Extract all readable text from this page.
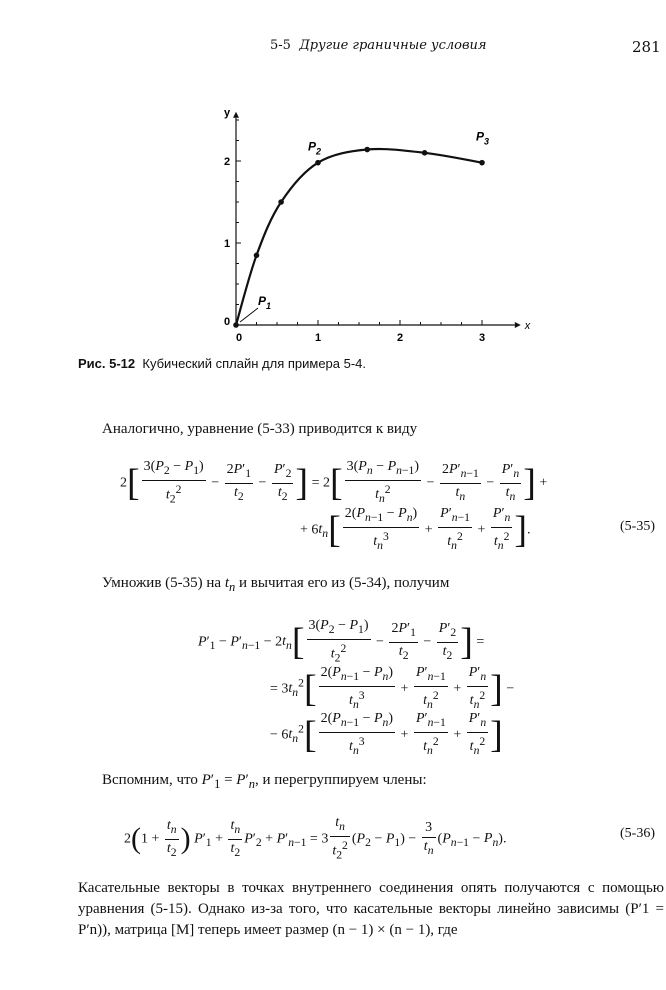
5-5 Другие граничные условия	281
x
y
0	1	2	3
0
1
2
$P_1$
$P_2$
$P_3$
Рис. 5-12 Кубический сплайн для примера 5-4.
Аналогично, уравнение (5-33) приводится к виду
$2[ \frac{3(P_2 - P_1)}{t_2^2} - \frac{2P'_1}{t_2} - \frac{P'_2}{t_2}$ ] = $2[ \frac{3(P_n - P_{n-1})}{t_n^2} - \frac{2P'_{n-1}}{t_n} - \frac{P'_n}{t_n}$ ] +
+ $6t_n[ \frac{2(P_{n-1} - P_n)}{t_n^3} + \frac{P'_{n-1}}{t_n^2} + \frac{P'_n}{t_n^2}$ ].	(5-35)
Умножив (5-35) на $t_n$ и вычитая его из (5-34), получим
$P'_1 - P'_{n-1} - 2t_n[ \frac{3(P_2 - P_1)}{t_2^2} - \frac{2P'_1}{t_2} - \frac{P'_2}{t_2}$ ] =
= $3t_n^2[ \frac{2(P_{n-1} - P_n)}{t_n^3} + \frac{P'_{n-1}}{t_n^2} + \frac{P'_n}{t_n^2}$ ] −
− $6t_n^2[ \frac{2(P_{n-1} - P_n)}{t_n^3} + \frac{P'_{n-1}}{t_n^2} + \frac{P'_n}{t_n^2}$ ]
Вспомним, что $P'_1 = P'_n$, и перегруппируем члены:
$2(1 + \frac{t_n}{t_2}$ ) $P'_1 + \frac{t_n}{t_2} P'_2 + P'_{n-1} = 3 \frac{t_n}{t_2^2} (P_2 - P_1) - \frac{3}{t_n} (P_{n-1} - P_n)$.	(5-36)
Касательные векторы в точках внутреннего соединения опять получаются с помощью уравнения (5-15). Однако из-за того, что касательные векторы линейно зависимы (P′1 = P′n)), матрица [M] теперь имеет размер (n − 1) × (n − 1), где
